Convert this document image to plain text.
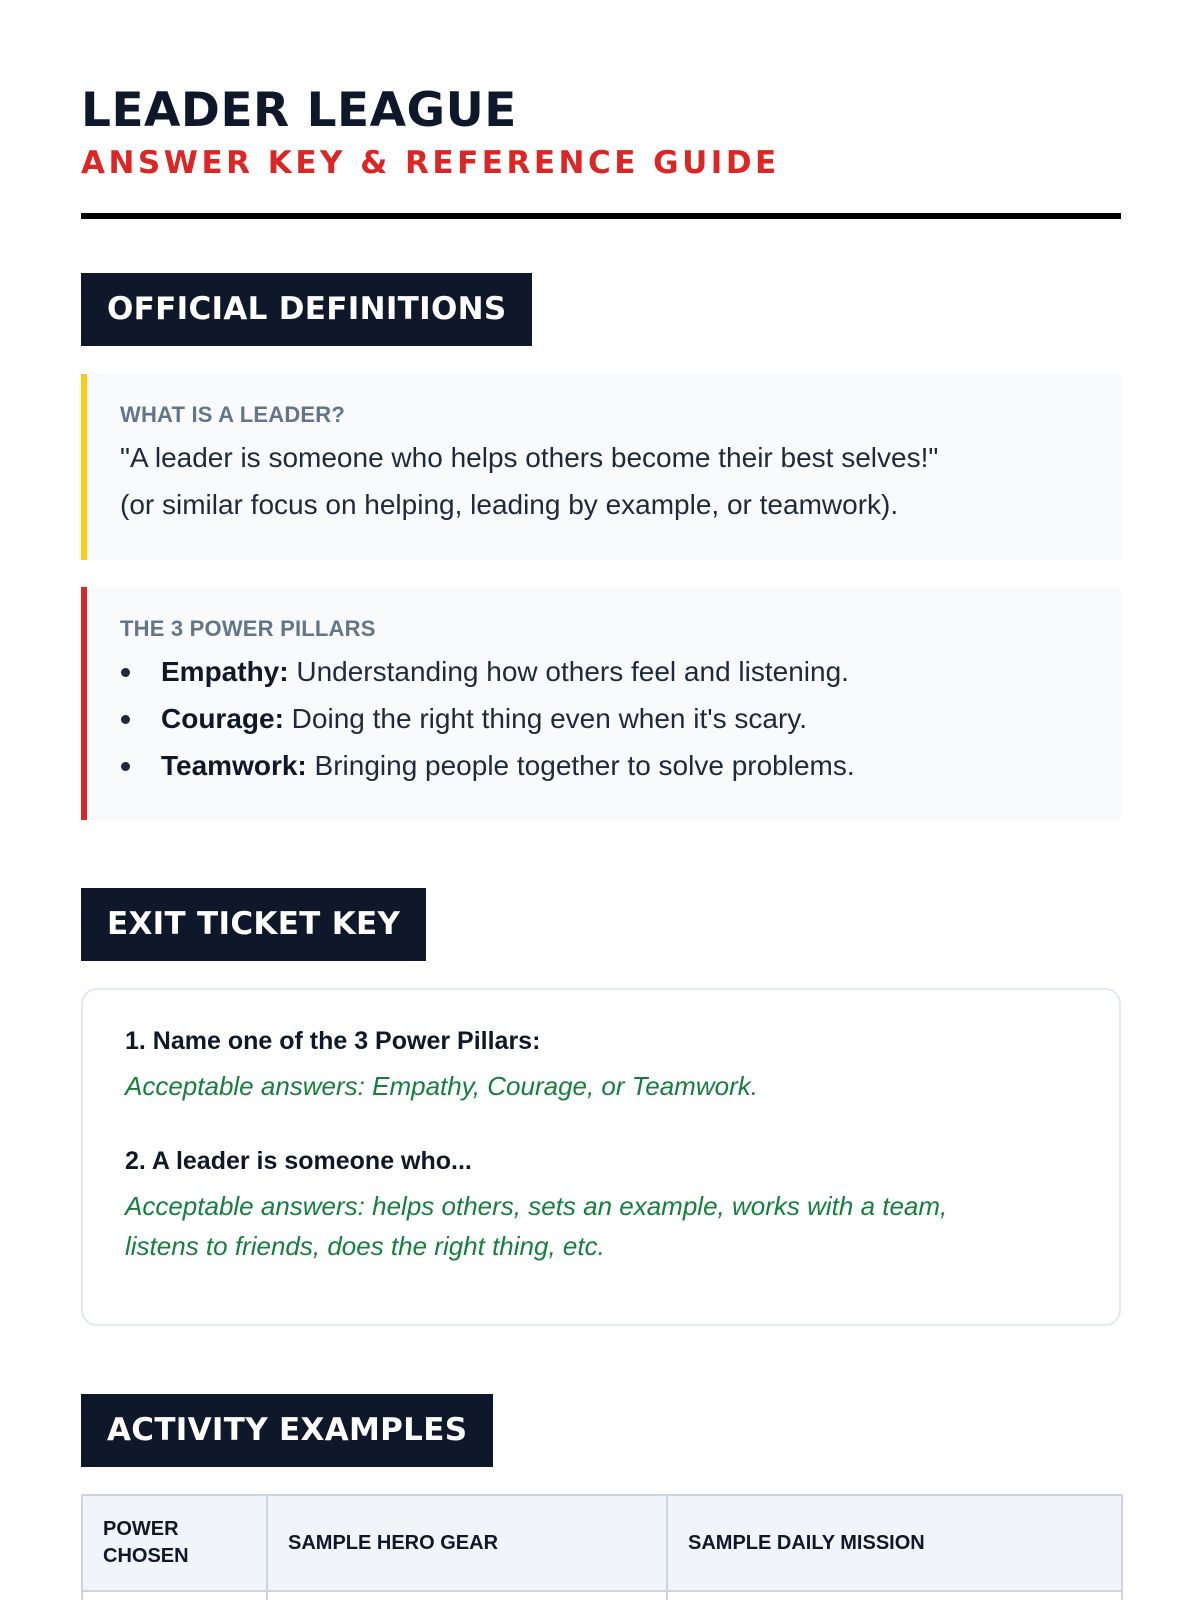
LEADER LEAGUE
ANSWER KEY & REFERENCE GUIDE
OFFICIAL DEFINITIONS

WHAT IS A LEADER?

"A leader is someone who helps others become their best selves!"

(or similar focus on helping, leading by example, or teamwork).

THE 3 POWER PILLARS

Empathy: Understanding how others feel and listening.
Courage: Doing the right thing even when it's scary.
Teamwork: Bringing people together to solve problems.
EXIT TICKET KEY

1. Name one of the 3 Power Pillars:

Acceptable answers: Empathy, Courage, or Teamwork.

2. A leader is someone who...

Acceptable answers: helps others, sets an example, works with a team,

listens to friends, does the right thing, etc.

ACTIVITY EXAMPLES
POWER
CHOSEN	SAMPLE HERO GEAR	SAMPLE DAILY MISSION
